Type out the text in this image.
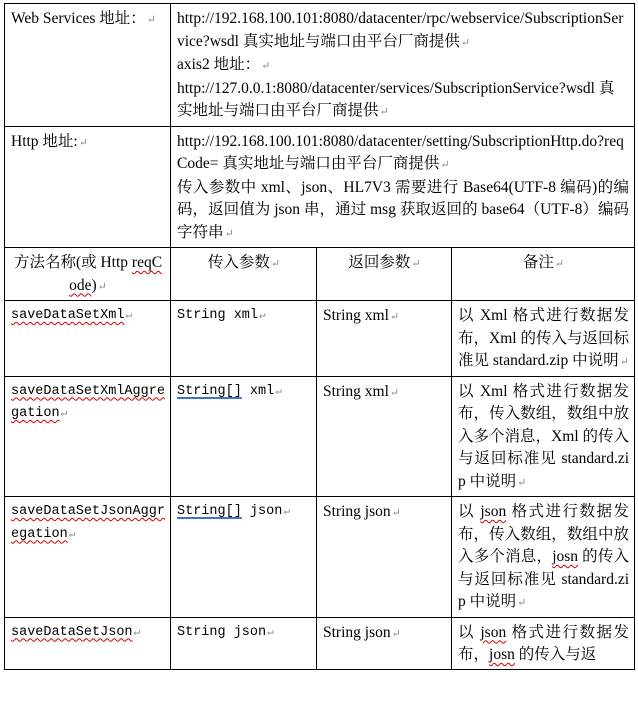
Web Services 地址：↵	http://192.168.100.101:8080/datacenter/rpc/webservice/SubscriptionService?wsdl 真实地址与端口由平台厂商提供↵
axis2 地址：↵
http://127.0.0.1:8080/datacenter/services/SubscriptionService?wsdl 真实地址与端口由平台厂商提供↵		

Http 地址:↵	http://192.168.100.101:8080/datacenter/setting/SubscriptionHttp.do?reqCode= 真实地址与端口由平台厂商提供↵
传入参数中 xml、json、HL7V3 需要进行 Base64(UTF-8 编码)的编码，返回值为 json 串，通过 msg 获取返回的 base64（UTF-8）编码字符串↵		

方法名称(或 Http reqCode)↵	传入参数↵	返回参数↵	备注↵
saveDataSetXml↵	String xml↵	String xml↵	以 Xml 格式进行数据发布，Xml 的传入与返回标准见 standard.zip 中说明↵
saveDataSetXmlAggregation↵	String[] xml↵	String xml↵	以 Xml 格式进行数据发布，传入数组，数组中放入多个消息，Xml 的传入与返回标准见 standard.zip 中说明↵
saveDataSetJsonAggregation↵	String[] json↵	String json↵	以 json 格式进行数据发布，传入数组，数组中放入多个消息，josn 的传入与返回标准见 standard.zip 中说明↵
saveDataSetJson↵	String json↵	String json↵	以 json 格式进行数据发布，josn 的传入与返
